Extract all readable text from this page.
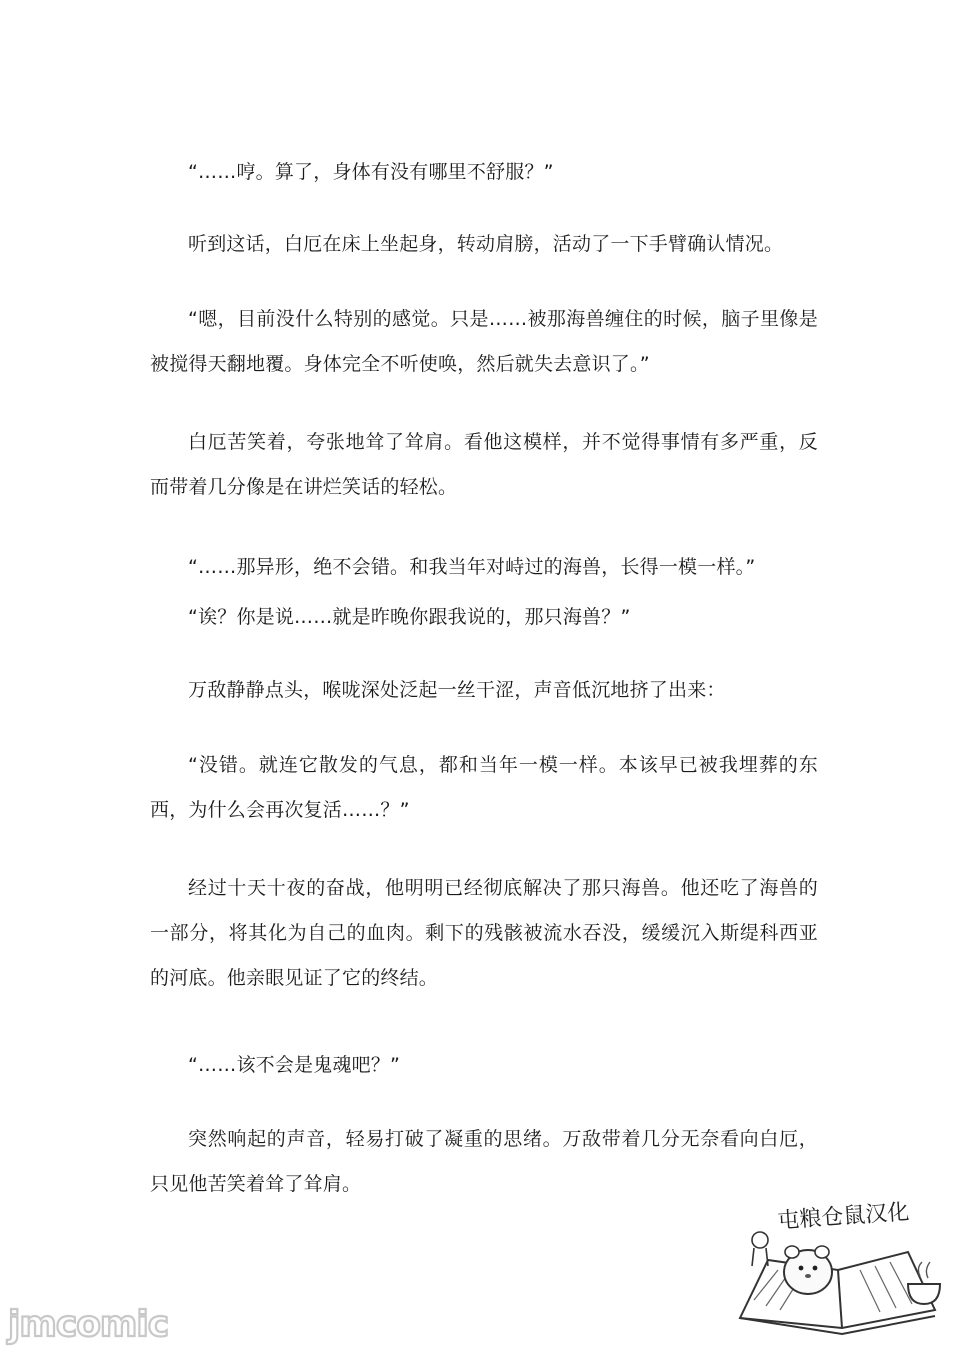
“……哼。算了，身体有没有哪里不舒服？”

听到这话，白厄在床上坐起身，转动肩膀，活动了一下手臂确认情况。

“嗯，目前没什么特别的感觉。只是……被那海兽缠住的时候，脑子里像是被搅得天翻地覆。身体完全不听使唤，然后就失去意识了。”

白厄苦笑着，夸张地耸了耸肩。看他这模样，并不觉得事情有多严重，反而带着几分像是在讲烂笑话的轻松。

“……那异形，绝不会错。和我当年对峙过的海兽，长得一模一样。”

“诶？你是说……就是昨晚你跟我说的，那只海兽？”

万敌静静点头，喉咙深处泛起一丝干涩，声音低沉地挤了出来：

“没错。就连它散发的气息，都和当年一模一样。本该早已被我埋葬的东西，为什么会再次复活……？”

经过十天十夜的奋战，他明明已经彻底解决了那只海兽。他还吃了海兽的一部分，将其化为自己的血肉。剩下的残骸被流水吞没，缓缓沉入斯缇科西亚的河底。他亲眼见证了它的终结。

“……该不会是鬼魂吧？”

突然响起的声音，轻易打破了凝重的思绪。万敌带着几分无奈看向白厄，只见他苦笑着耸了耸肩。

屯粮仓鼠汉化
jmcomic
